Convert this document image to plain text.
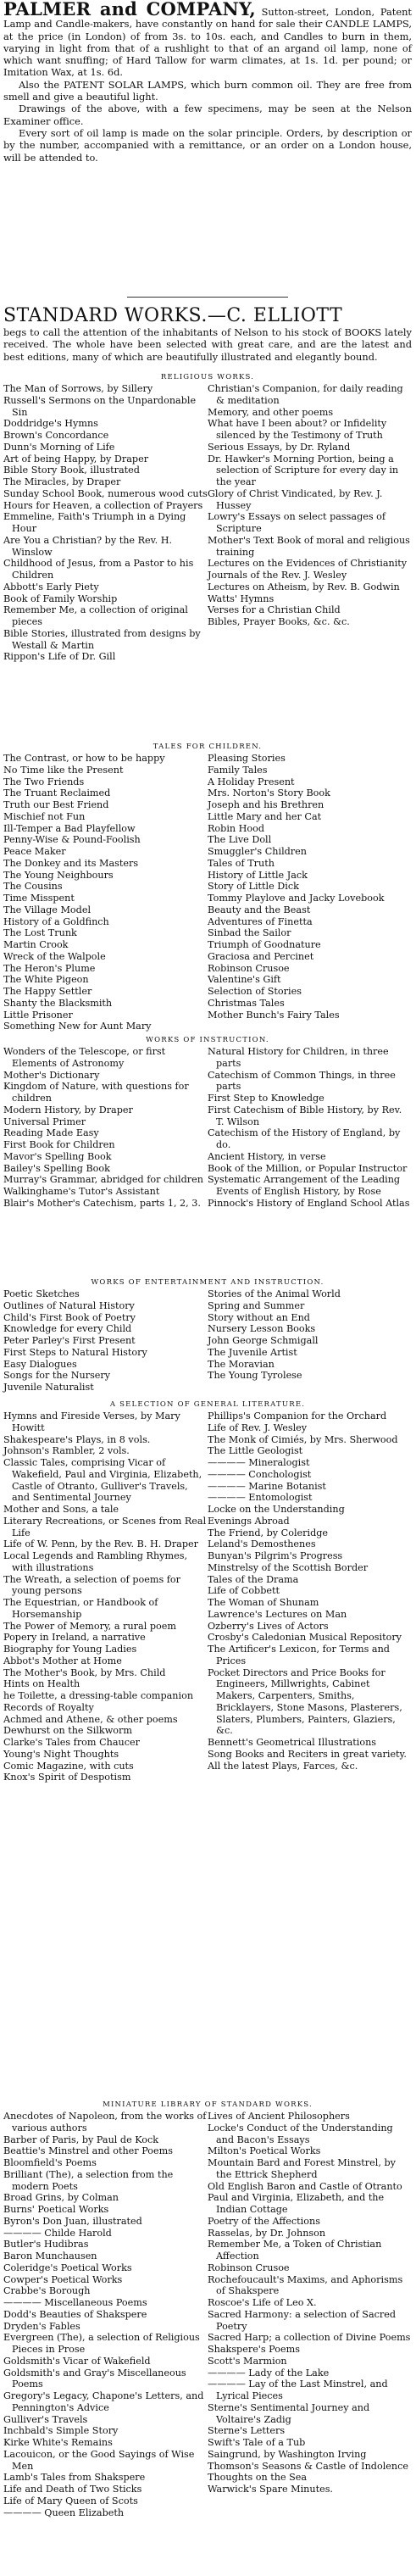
PALMER and COMPANY, Sutton-street, London, Patent Lamp and Candle-makers, have constantly on hand for sale their CANDLE LAMPS, at the price (in London) of from 3s. to 10s. each, and Candles to burn in them, varying in light from that of a rushlight to that of an argand oil lamp, none of which want snuffing; of Hard Tallow for warm climates, at 1s. 1d. per pound; or Imitation Wax, at 1s. 6d.

Also the PATENT SOLAR LAMPS, which burn common oil. They are free from smell and give a beautiful light.

Drawings of the above, with a few specimens, may be seen at the Nelson Examiner office.

Every sort of oil lamp is made on the solar principle. Orders, by description or by the number, accompanied with a remittance, or an order on a London house, will be attended to.

STANDARD WORKS.—C. ELLIOTT

begs to call the attention of the inhabitants of Nelson to his stock of BOOKS lately received. The whole have been selected with great care, and are the latest and best editions, many of which are beautifully illustrated and elegantly bound.

RELIGIOUS WORKS.
The Man of Sorrows, by Sillery
Russell's Sermons on the Unpardonable Sin
Doddridge's Hymns
Brown's Concordance
Dunn's Morning of Life
Art of being Happy, by Draper
Bible Story Book, illustrated
The Miracles, by Draper
Sunday School Book, numerous wood cuts
Hours for Heaven, a collection of Prayers
Emmeline, Faith's Triumph in a Dying Hour
Are You a Christian? by the Rev. H. Winslow
Childhood of Jesus, from a Pastor to his Children
Abbott's Early Piety
Book of Family Worship
Remember Me, a collection of original pieces
Bible Stories, illustrated from designs by Westall & Martin
Rippon's Life of Dr. Gill
Christian's Companion, for daily reading & meditation
Memory, and other poems
What have I been about? or Infidelity silenced by the Testimony of Truth
Serious Essays, by Dr. Ryland
Dr. Hawker's Morning Portion, being a selection of Scripture for every day in the year
Glory of Christ Vindicated, by Rev. J. Hussey
Lowry's Essays on select passages of Scripture
Mother's Text Book of moral and religious training
Lectures on the Evidences of Christianity
Journals of the Rev. J. Wesley
Lectures on Atheism, by Rev. B. Godwin
Watts' Hymns
Verses for a Christian Child
Bibles, Prayer Books, &c. &c.
TALES FOR CHILDREN.
The Contrast, or how to be happy
No Time like the Present
The Two Friends
The Truant Reclaimed
Truth our Best Friend
Mischief not Fun
Ill-Temper a Bad Playfellow
Penny-Wise & Pound-Foolish
Peace Maker
The Donkey and its Masters
The Young Neighbours
The Cousins
Time Misspent
The Village Model
History of a Goldfinch
The Lost Trunk
Martin Crook
Wreck of the Walpole
The Heron's Plume
The White Pigeon
The Happy Settler
Shanty the Blacksmith
Little Prisoner
Something New for Aunt Mary
Pleasing Stories
Family Tales
A Holiday Present
Mrs. Norton's Story Book
Joseph and his Brethren
Little Mary and her Cat
Robin Hood
The Live Doll
Smuggler's Children
Tales of Truth
History of Little Jack
Story of Little Dick
Tommy Playlove and Jacky Lovebook
Beauty and the Beast
Adventures of Finetta
Sinbad the Sailor
Triumph of Goodnature
Graciosa and Percinet
Robinson Crusoe
Valentine's Gift
Selection of Stories
Christmas Tales
Mother Bunch's Fairy Tales
WORKS OF INSTRUCTION.
Wonders of the Telescope, or first Elements of Astronomy
Mother's Dictionary
Kingdom of Nature, with questions for children
Modern History, by Draper
Universal Primer
Reading Made Easy
First Book for Children
Mavor's Spelling Book
Bailey's Spelling Book
Murray's Grammar, abridged for children
Walkinghame's Tutor's Assistant
Blair's Mother's Catechism, parts 1, 2, 3.
Natural History for Children, in three parts
Catechism of Common Things, in three parts
First Step to Knowledge
First Catechism of Bible History, by Rev. T. Wilson
Catechism of the History of England, by do.
Ancient History, in verse
Book of the Million, or Popular Instructor
Systematic Arrangement of the Leading Events of English History, by Rose
Pinnock's History of England School Atlas
WORKS OF ENTERTAINMENT AND INSTRUCTION.
Poetic Sketches
Outlines of Natural History
Child's First Book of Poetry
Knowledge for every Child
Peter Parley's First Present
First Steps to Natural History
Easy Dialogues
Songs for the Nursery
Juvenile Naturalist
Stories of the Animal World
Spring and Summer
Story without an End
Nursery Lesson Books
John George Schmigall
The Juvenile Artist
The Moravian
The Young Tyrolese
A SELECTION OF GENERAL LITERATURE.
Hymns and Fireside Verses, by Mary Howitt
Shakespeare's Plays, in 8 vols.
Johnson's Rambler, 2 vols.
Classic Tales, comprising Vicar of Wakefield, Paul and Virginia, Elizabeth, Castle of Otranto, Gulliver's Travels, and Sentimental Journey
Mother and Sons, a tale
Literary Recreations, or Scenes from Real Life
Life of W. Penn, by the Rev. B. H. Draper
Local Legends and Rambling Rhymes, with illustrations
The Wreath, a selection of poems for young persons
The Equestrian, or Handbook of Horsemanship
The Power of Memory, a rural poem
Popery in Ireland, a narrative
Biography for Young Ladies
Abbot's Mother at Home
The Mother's Book, by Mrs. Child
Hints on Health
he Toilette, a dressing-table companion
Records of Royalty
Achmed and Athene, & other poems
Dewhurst on the Silkworm
Clarke's Tales from Chaucer
Young's Night Thoughts
Comic Magazine, with cuts
Knox's Spirit of Despotism
Phillips's Companion for the Orchard
Life of Rev. J. Wesley
The Monk of Cimiés, by Mrs. Sherwood
The Little Geologist
———— Mineralogist
———— Conchologist
———— Marine Botanist
———— Entomologist
Locke on the Understanding
Evenings Abroad
The Friend, by Coleridge
Leland's Demosthenes
Bunyan's Pilgrim's Progress
Minstrelsy of the Scottish Border
Tales of the Drama
Life of Cobbett
The Woman of Shunam
Lawrence's Lectures on Man
Ozberry's Lives of Actors
Crosby's Caledonian Musical Repository
The Artificer's Lexicon, for Terms and Prices
Pocket Directors and Price Books for Engineers, Millwrights, Cabinet Makers, Carpenters, Smiths, Bricklayers, Stone Masons, Plasterers, Slaters, Plumbers, Painters, Glaziers, &c.
Bennett's Geometrical Illustrations
Song Books and Reciters in great variety.
All the latest Plays, Farces, &c.
MINIATURE LIBRARY OF STANDARD WORKS.
Anecdotes of Napoleon, from the works of various authors
Barber of Paris, by Paul de Kock
Beattie's Minstrel and other Poems
Bloomfield's Poems
Brilliant (The), a selection from the modern Poets
Broad Grins, by Colman
Burns' Poetical Works
Byron's Don Juan, illustrated
———— Childe Harold
Butler's Hudibras
Baron Munchausen
Coleridge's Poetical Works
Cowper's Poetical Works
Crabbe's Borough
———— Miscellaneous Poems
Dodd's Beauties of Shakspere
Dryden's Fables
Evergreen (The), a selection of Religious Pieces in Prose
Goldsmith's Vicar of Wakefield
Goldsmith's and Gray's Miscellaneous Poems
Gregory's Legacy, Chapone's Letters, and Pennington's Advice
Gulliver's Travels
Inchbald's Simple Story
Kirke White's Remains
Lacouicon, or the Good Sayings of Wise Men
Lamb's Tales from Shakspere
Life and Death of Two Sticks
Life of Mary Queen of Scots
———— Queen Elizabeth
Lives of Ancient Philosophers
Locke's Conduct of the Understanding and Bacon's Essays
Milton's Poetical Works
Mountain Bard and Forest Minstrel, by the Ettrick Shepherd
Old English Baron and Castle of Otranto
Paul and Virginia, Elizabeth, and the Indian Cottage
Poetry of the Affections
Rasselas, by Dr. Johnson
Remember Me, a Token of Christian Affection
Robinson Crusoe
Rochefoucault's Maxims, and Aphorisms of Shakspere
Roscoe's Life of Leo X.
Sacred Harmony: a selection of Sacred Poetry
Sacred Harp; a collection of Divine Poems
Shakspere's Poems
Scott's Marmion
———— Lady of the Lake
———— Lay of the Last Minstrel, and Lyrical Pieces
Sterne's Sentimental Journey and Voltaire's Zadig
Sterne's Letters
Swift's Tale of a Tub
Saingrund, by Washington Irving
Thomson's Seasons & Castle of Indolence
Thoughts on the Sea
Warwick's Spare Minutes.
